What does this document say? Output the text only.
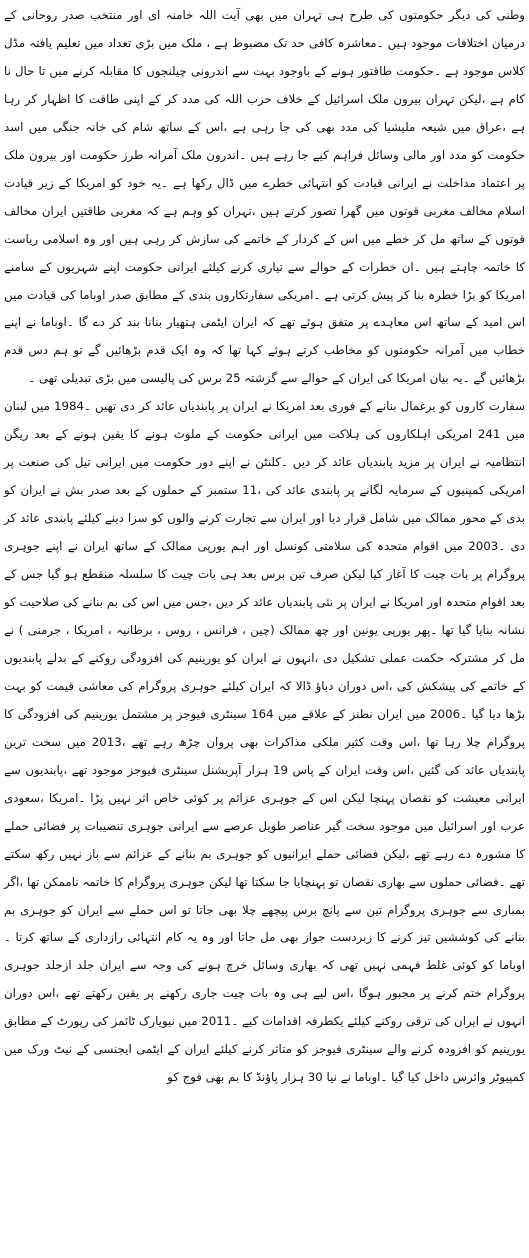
وطنی کی دیگر حکومتوں کی طرح ہی تہران میں بھی آیت اللہ خامنہ ای اور منتخب صدر روحانی کے درمیان اختلافات موجود ہیں ۔معاشرہ کافی حد تک مضبوط ہے ، ملک میں بڑی تعداد میں تعلیم یافتہ مڈل کلاس موجود ہے ۔حکومت طاقتور ہونے کے باوجود بہت سے اندرونی چیلنجوں کا مقابلہ کرنے میں تا حال نا کام ہے ،لیکن تہران بیرون ملک اسرائیل کے خلاف حزب اللہ کی مدد کر کے اپنی طاقت کا اظہار کر رہا ہے ،عراق میں شیعہ ملیشیا کی مدد بھی کی جا رہی ہے ،اس کے ساتھ شام کی خانہ جنگی میں اسد حکومت کو مدد اور مالی وسائل فراہم کیے جا رہے ہیں ۔اندرون ملک آمرانہ طرز حکومت اور بیرون ملک پر اعتماد مداخلت نے ایرانی قیادت کو انتہائی خطرے میں ڈال رکھا ہے ۔یہ خود کو امریکا کے زیر قیادت اسلام مخالف مغربی قوتوں میں گھرا تصور کرتے ہیں ،تہران کو وہم ہے کہ مغربی طاقتیں ایران مخالف قوتوں کے ساتھ مل کر خطے میں اس کے کردار کے خاتمے کی سازش کر رہی ہیں اور وہ اسلامی ریاست کا خاتمہ چاہتے ہیں ۔ان خطرات کے حوالے سے تیاری کرنے کیلئے ایرانی حکومت اپنے شہریوں کے سامنے امریکا کو بڑا خطرہ بنا کر پیش کرتی ہے ۔امریکی سفارتکاروں بندی کے مطابق صدر اوباما کی قیادت میں اس امید کے ساتھ اس معاہدے پر متفق ہوئے تھے کہ ایران ایٹمی ہتھیار بنانا بند کر دے گا ۔اوباما نے اپنے خطاب میں آمرانہ حکومتوں کو مخاطب کرتے ہوئے کہا تھا کہ وہ ایک قدم بڑھائیں گے تو ہم دس قدم بڑھائیں گے ۔یہ بیان امریکا کی ایران کے حوالے سے گزشتہ 25 برس کی پالیسی میں بڑی تبدیلی تھی ۔

سفارت کاروں کو یرغمال بنانے کے فوری بعد امریکا نے ایران پر پابندیاں عائد کر دی تھیں ۔1984 میں لبنان میں 241 امریکی اہلکاروں کی ہلاکت میں ایرانی حکومت کے ملوث ہونے کا یقین ہونے کے بعد ریگن انتظامیہ نے ایران پر مزید پابندیاں عائد کر دیں ۔کلنٹن نے اپنے دور حکومت میں ایرانی تیل کی صنعت پر امریکی کمپنیوں کے سرمایہ لگانے پر پابندی عائد کی ،11 ستمبر کے حملوں کے بعد صدر بش نے ایران کو بدی کے محور ممالک میں شامل قرار دیا اور ایران سے تجارت کرنے والوں کو سزا دینے کیلئے پابندی عائد کر دی ۔2003 میں اقوام متحدہ کی سلامتی کونسل اور اہم یورپی ممالک کے ساتھ ایران نے اپنے جوہری پروگرام پر بات چیت کا آغاز کیا لیکن صرف تین برس بعد ہی بات چیت کا سلسلہ منقطع ہو گیا جس کے بعد اقوام متحدہ اور امریکا نے ایران پر نئی پابندیاں عائد کر دیں ،جس میں اس کی بم بنانے کی صلاحیت کو نشانہ بنایا گیا تھا ۔پھر یورپی یونین اور چھ ممالک (چین ، فرانس ، روس ، برطانیہ ، امریکا ، جرمنی ) نے مل کر مشترکہ حکمت عملی تشکیل دی ،انہوں نے ایران کو یورینیم کی افزودگی روکنے کے بدلے پابندیوں کے خاتمے کی پیشکش کی ،اس دوران دباؤ ڈالا کہ ایران کیلئے جوہری پروگرام کی معاشی قیمت کو بہت بڑھا دیا گیا ۔2006 میں ایران نطنز کے علاقے میں 164 سینٹری فیوجز پر مشتمل یورینیم کی افزودگی کا پروگرام چلا رہا تھا ،اس وقت کثیر ملکی مذاکرات بھی پروان چڑھ رہے تھے ،2013 میں سخت ترین پابندیاں عائد کی گئیں ،اس وقت ایران کے پاس 19 ہزار آپریشنل سینٹری فیوجز موجود تھے ،پابندیوں سے ایرانی معیشت کو نقصان پہنچا لیکن اس کے جوہری عزائم پر کوئی خاص اثر نہیں پڑا ۔امریکا ،سعودی عرب اور اسرائیل میں موجود سخت گیر عناصر طویل عرصے سے ایرانی جوہری تنصیبات پر فضائی حملے کا مشورہ دے رہے تھے ،لیکن فضائی حملے ایرانیوں کو جوہری بم بنانے کے عزائم سے باز نہیں رکھ سکتے تھے ۔فضائی حملوں سے بھاری نقصان تو پہنچایا جا سکتا تھا لیکن جوہری پروگرام کا خاتمہ ناممکن تھا ،اگر بمباری سے جوہری پروگرام تین سے پانچ برس پیچھے چلا بھی جاتا تو اس حملے سے ایران کو جوہری بم بنانے کی کوششیں تیز کرنے کا زبردست جواز بھی مل جاتا اور وہ یہ کام انتہائی رازداری کے ساتھ کرتا ۔اوباما کو کوئی غلط فہمی نہیں تھی کہ بھاری وسائل خرچ ہونے کی وجہ سے ایران جلد ازجلد جوہری پروگرام ختم کرنے پر مجبور ہوگا ،اس لیے ہی وہ بات چیت جاری رکھنے پر یقین رکھتے تھے ،اس دوران انہوں نے ایران کی ترقی روکنے کیلئے یکطرفہ اقدامات کیے ۔2011 میں نیویارک ٹائمز کی رپورٹ کے مطابق یورینیم کو افزودہ کرنے والے سینٹری فیوجز کو متاثر کرنے کیلئے ایران کے ایٹمی ایجنسی کے نیٹ ورک میں کمپیوٹر وائرس داخل کیا گیا ۔اوباما نے نیا 30 ہزار پاؤنڈ کا بم بھی فوج کو
